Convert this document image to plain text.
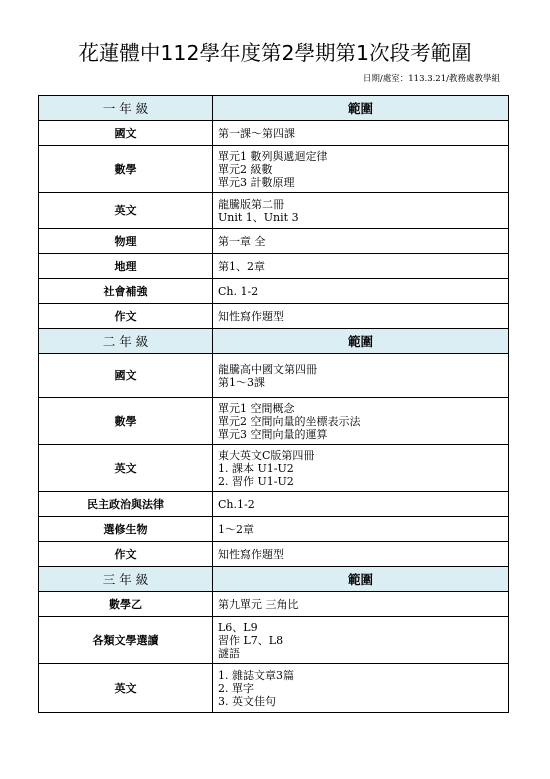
花蓮體中112學年度第2學期第1次段考範圍
日期/處室：113.3.21/教務處教學組
一 年 級	範圍
國文	第一課～第四課

數學	單元1 數列與遞迴定律
單元2 級數
單元3 計數原理

英文	龍騰版第二冊
Unit 1、Unit 3

物理	第一章 全

地理	第1、2章

社會補強	Ch. 1-2

作文	知性寫作題型

二 年 級	範圍
國文	龍騰高中國文第四冊
第1～3課

數學	單元1 空間概念
單元2 空間向量的坐標表示法
單元3 空間向量的運算

英文	東大英文C版第四冊
1. 課本 U1-U2
2. 習作 U1-U2

民主政治與法律	Ch.1-2

選修生物	1～2章

作文	知性寫作題型

三 年 級	範圍
數學乙	第九單元 三角比

各類文學選讀	L6、L9
習作 L7、L8
謎語

英文	1. 雜誌文章3篇
2. 單字
3. 英文佳句
